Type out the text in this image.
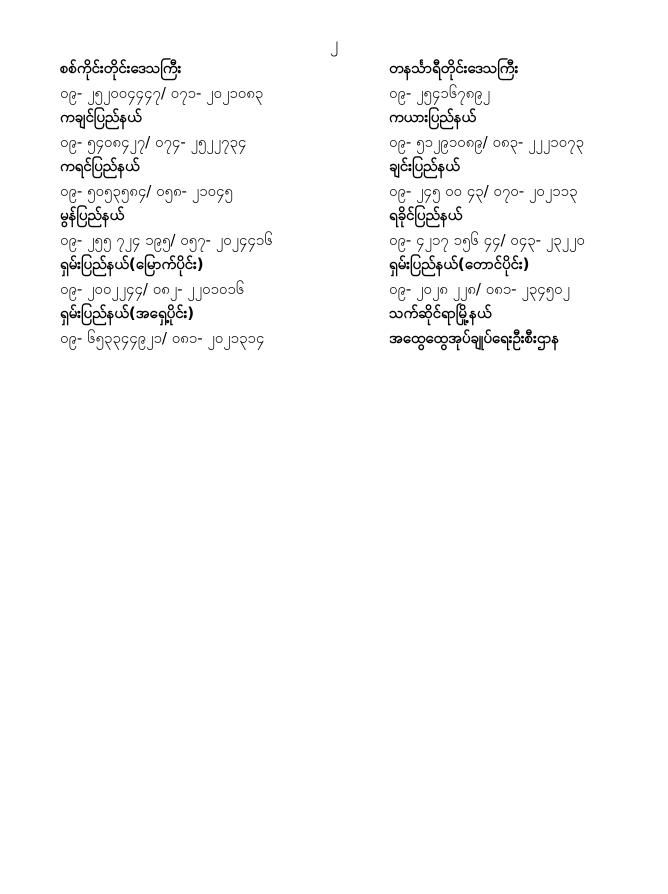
၂
စစ်ကိုင်းတိုင်းဒေသကြီး
၀၉- ၂၅၂၀၀၄၄၄၇/ ၀၇၁- ၂၀၂၁၀၈၃
ကချင်ပြည်နယ်
၀၉- ၅၄၀၈၄၂၇/ ၀၇၄- ၂၅၂၂၇၃၄
ကရင်ပြည်နယ်
၀၉- ၅၀၅၃၅၈၄/ ၀၅၈- ၂၁၀၄၅
မွန်ပြည်နယ်
၀၉- ၂၅၅ ၇၂၄ ၁၉၅/ ၀၅၇- ၂၀၂၄၄၁၆
ရှမ်းပြည်နယ်(မြောက်ပိုင်း)
၀၉- ၂၀၀၂၂၄၄/ ၀၈၂- ၂၂၀၁၀၁၆
ရှမ်းပြည်နယ်(အရှေ့ပိုင်း)
၀၉- ၆၅၃၃၄၄၉၂၁/ ၀၈၁- ၂၀၂၁၃၁၄
တနင်္သာရီတိုင်းဒေသကြီး
၀၉- ၂၅၄၁၆၇၈၉၂
ကယားပြည်နယ်
၀၉- ၅၁၂၉၁၀၈၉/ ၀၈၃- ၂၂၂၁၀၇၃
ချင်းပြည်နယ်
၀၉- ၂၄၅ ၀၀ ၄၃/ ၀၇၀- ၂၀၂၁၁၃
ရခိုင်ပြည်နယ်
၀၉- ၄၂၁၇ ၁၅၆ ၄၄/ ၀၄၃- ၂၃၂၂၀
ရှမ်းပြည်နယ်(တောင်ပိုင်း)
၀၉- ၂၀၂၈ ၂၂၈/ ၀၈၁- ၂၃၄၅၀၂
သက်ဆိုင်ရာမြို့နယ်
အထွေထွေအုပ်ချုပ်ရေးဦးစီးဌာန
